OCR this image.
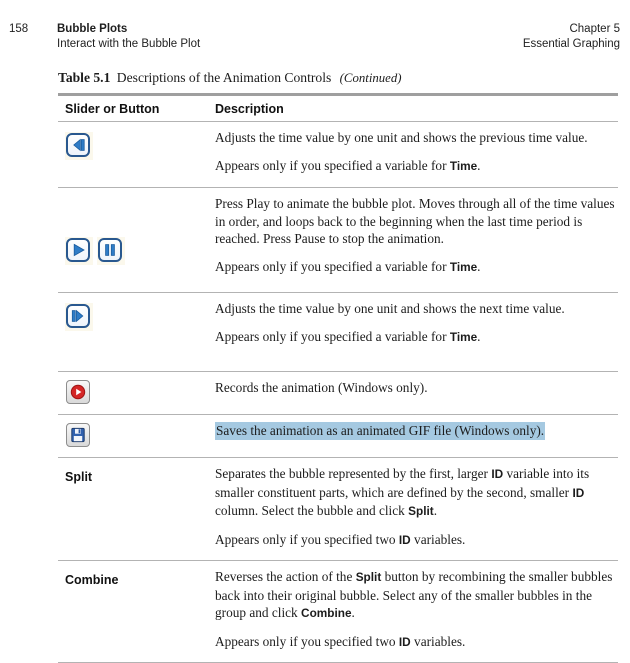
158	Bubble Plots
Interact with the Bubble Plot
Chapter 5
Essential Graphing
Table 5.1 Descriptions of the Animation Controls (Continued)
Slider or Button	Description

Adjusts the time value by one unit and shows the previous time value.

Appears only if you specified a variable for Time.

Press Play to animate the bubble plot. Moves through all of the time values in order, and loops back to the beginning when the last time period is reached. Press Pause to stop the animation.

Appears only if you specified a variable for Time.

Adjusts the time value by one unit and shows the next time value.

Appears only if you specified a variable for Time.

Records the animation (Windows only).

Saves the animation as an animated GIF file (Windows only).

Split	Separates the bubble represented by the first, larger ID variable into its smaller constituent parts, which are defined by the second, smaller ID column. Select the bubble and click Split.

Appears only if you specified two ID variables.

Combine	Reverses the action of the Split button by recombining the smaller bubbles back into their original bubble. Select any of the smaller bubbles in the group and click Combine.

Appears only if you specified two ID variables.
